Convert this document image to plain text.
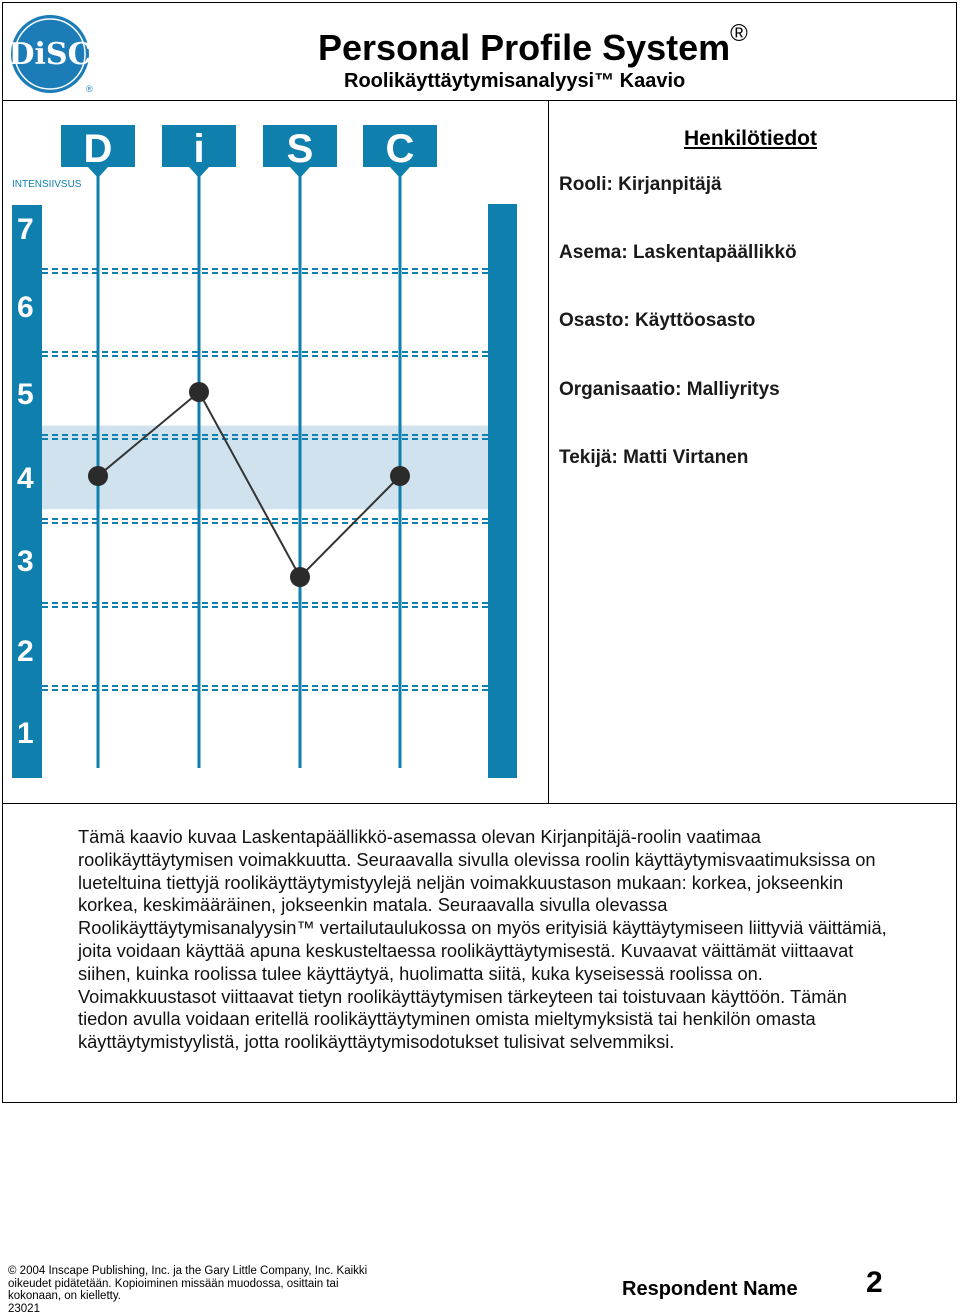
DiSC
®
Personal Profile System®
Roolikäyttäytymisanalyysi™ Kaavio
7
6
5
4
3
2
1
INTENSIIVSUS
D i S C	Henkilötiedot
Rooli: Kirjanpitäjä
Asema: Laskentapäällikkö
Osasto: Käyttöosasto
Organisaatio: Malliyritys
Tekijä: Matti Virtanen
Tämä kaavio kuvaa Laskentapäällikkö-asemassa olevan Kirjanpitäjä-roolin vaatimaa roolikäyttäytymisen voimakkuutta. Seuraavalla sivulla olevissa roolin käyttäytymisvaatimuksissa on lueteltuina tiettyjä roolikäyttäytymistyylejä neljän voimakkuustason mukaan: korkea, jokseenkin korkea, keskimääräinen, jokseenkin matala. Seuraavalla sivulla olevassa Roolikäyttäytymisanalyysin™ vertailutaulukossa on myös erityisiä käyttäytymiseen liittyviä väittämiä, joita voidaan käyttää apuna keskusteltaessa roolikäyttäytymisestä. Kuvaavat väittämät viittaavat siihen, kuinka roolissa tulee käyttäytyä, huolimatta siitä, kuka kyseisessä roolissa on. Voimakkuustasot viittaavat tietyn roolikäyttäytymisen tärkeyteen tai toistuvaan käyttöön. Tämän tiedon avulla voidaan eritellä roolikäyttäytyminen omista mieltymyksistä tai henkilön omasta käyttäytymistyylistä, jotta roolikäyttäytymisodotukset tulisivat selvemmiksi.
© 2004 Inscape Publishing, Inc. ja the Gary Little Company, Inc. Kaikki oikeudet pidätetään. Kopioiminen missään muodossa, osittain tai kokonaan, on kielletty.
23021
Respondent Name 2
